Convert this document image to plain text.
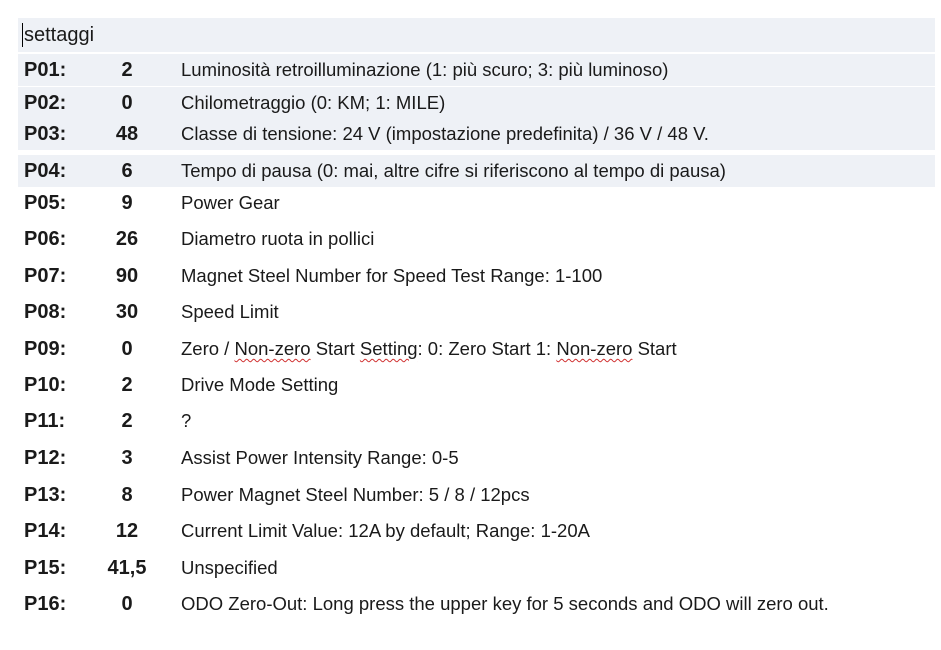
settaggi
P01:	2	Luminosità retroilluminazione (1: più scuro; 3: più luminoso)
P02:	0	Chilometraggio (0: KM; 1: MILE)
P03:	48	Classe di tensione: 24 V (impostazione predefinita) / 36 V / 48 V.
P04:	6	Tempo di pausa (0: mai, altre cifre si riferiscono al tempo di pausa)
P05:	9	Power Gear
P06:	26	Diametro ruota in pollici
P07:	90	Magnet Steel Number for Speed Test Range: 1-100
P08:	30	Speed Limit
P09:	0	Zero / Non-zero Start Setting: 0: Zero Start 1: Non-zero Start
P10:	2	Drive Mode Setting
P11:	2	?
P12:	3	Assist Power Intensity Range: 0-5
P13:	8	Power Magnet Steel Number: 5 / 8 / 12pcs
P14:	12	Current Limit Value: 12A by default; Range: 1-20A
P15:	41,5	Unspecified
P16:	0	ODO Zero-Out: Long press the upper key for 5 seconds and ODO will zero out.
